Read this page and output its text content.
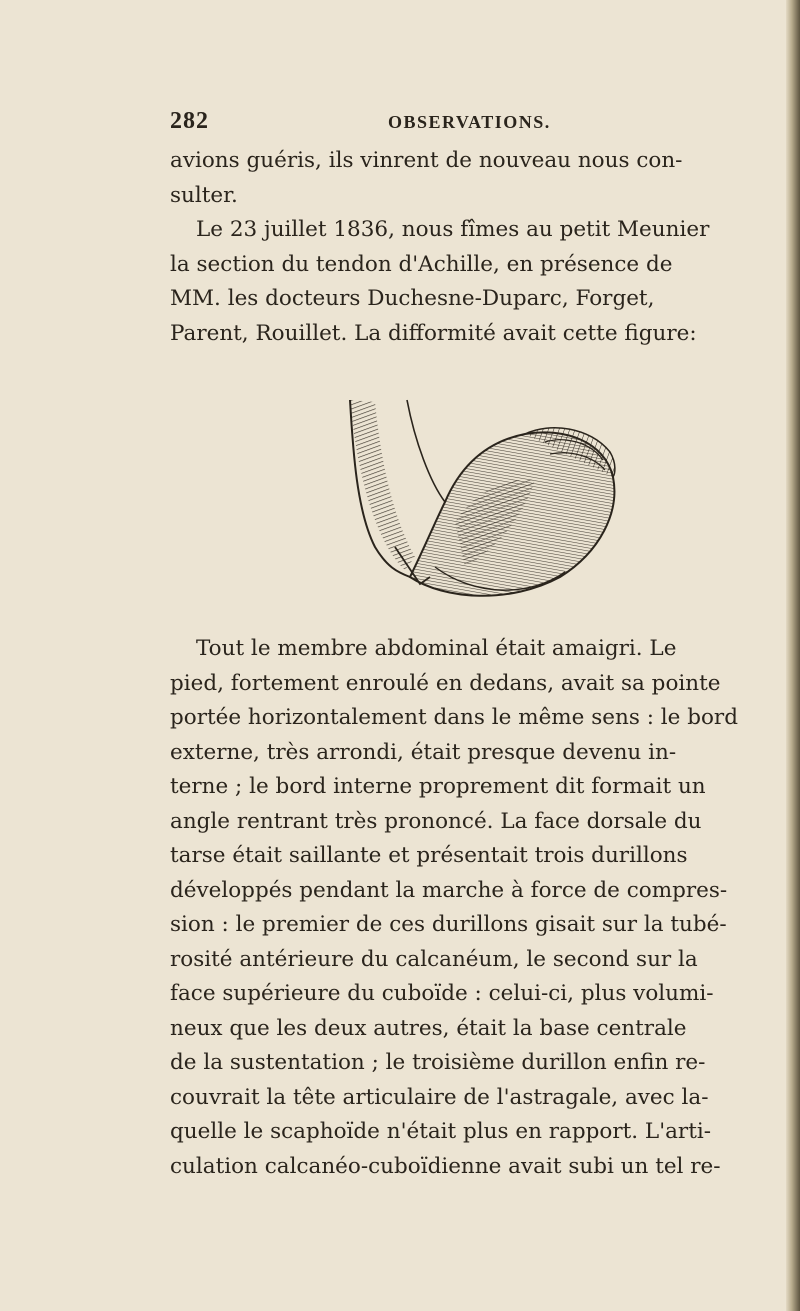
282	OBSERVATIONS.
avions guéris, ils vinrent de nouveau nous con-
sulter.
Le 23 juillet 1836, nous fîmes au petit Meunier
la section du tendon d'Achille, en présence de
MM. les docteurs Duchesne-Duparc, Forget,
Parent, Rouillet. La difformité avait cette figure:
Tout le membre abdominal était amaigri. Le
pied, fortement enroulé en dedans, avait sa pointe
portée horizontalement dans le même sens : le bord
externe, très arrondi, était presque devenu in-
terne ; le bord interne proprement dit formait un
angle rentrant très prononcé. La face dorsale du
tarse était saillante et présentait trois durillons
développés pendant la marche à force de compres-
sion : le premier de ces durillons gisait sur la tubé-
rosité antérieure du calcanéum, le second sur la
face supérieure du cuboïde : celui-ci, plus volumi-
neux que les deux autres, était la base centrale
de la sustentation ; le troisième durillon enfin re-
couvrait la tête articulaire de l'astragale, avec la-
quelle le scaphoïde n'était plus en rapport. L'arti-
culation calcanéo-cuboïdienne avait subi un tel re-
